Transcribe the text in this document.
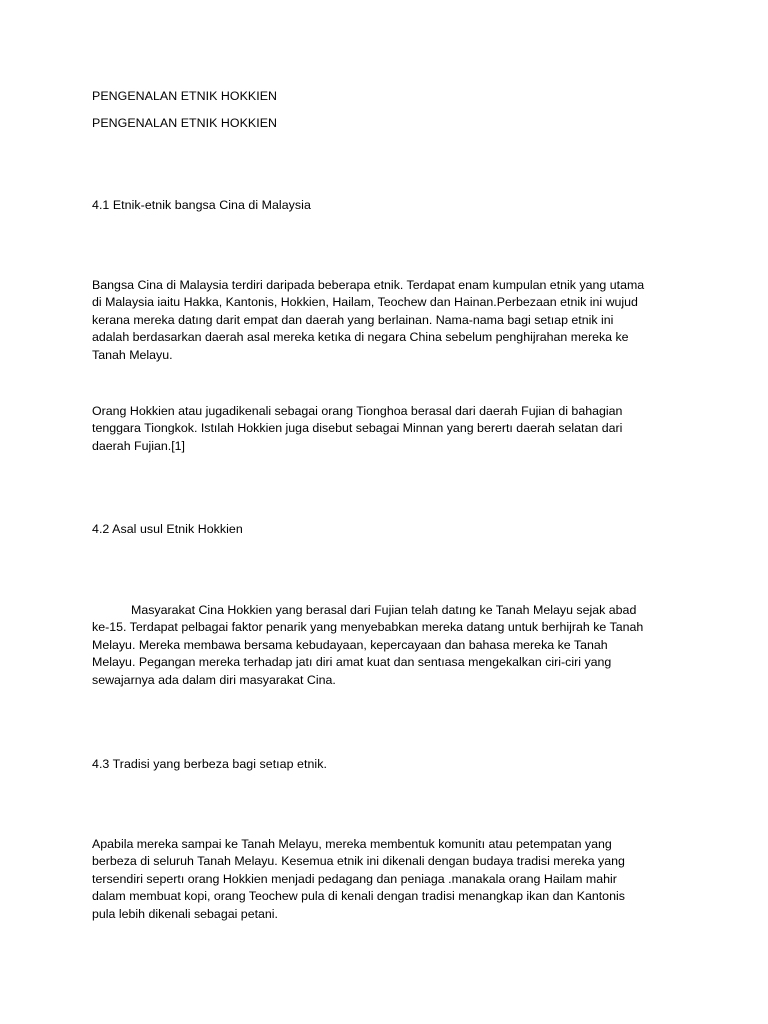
PENGENALAN ETNIK HOKKIEN
PENGENALAN ETNIK HOKKIEN
4.1 Etnik-etnik bangsa Cina di Malaysia
Bangsa Cina di Malaysia terdiri daripada beberapa etnik. Terdapat enam kumpulan etnik yang utama
di Malaysia iaitu Hakka, Kantonis, Hokkien, Hailam, Teochew dan Hainan.Perbezaan etnik ini wujud
kerana mereka datıng darit empat dan daerah yang berlainan. Nama-nama bagi setıap etnik ini
adalah berdasarkan daerah asal mereka ketıka di negara China sebelum penghijrahan mereka ke
Tanah Melayu.
Orang Hokkien atau jugadikenali sebagai orang Tionghoa berasal dari daerah Fujian di bahagian
tenggara Tiongkok. Istılah Hokkien juga disebut sebagai Minnan yang berertı daerah selatan dari
daerah Fujian.[1]
4.2 Asal usul Etnik Hokkien
Masyarakat Cina Hokkien yang berasal dari Fujian telah datıng ke Tanah Melayu sejak abad
ke-15. Terdapat pelbagai faktor penarik yang menyebabkan mereka datang untuk berhijrah ke Tanah
Melayu. Mereka membawa bersama kebudayaan, kepercayaan dan bahasa mereka ke Tanah
Melayu. Pegangan mereka terhadap jatı diri amat kuat dan sentıasa mengekalkan ciri-ciri yang
sewajarnya ada dalam diri masyarakat Cina.
4.3 Tradisi yang berbeza bagi setıap etnik.
Apabila mereka sampai ke Tanah Melayu, mereka membentuk komunitı atau petempatan yang
berbeza di seluruh Tanah Melayu. Kesemua etnik ini dikenali dengan budaya tradisi mereka yang
tersendiri sepertı orang Hokkien menjadi pedagang dan peniaga .manakala orang Hailam mahir
dalam membuat kopi, orang Teochew pula di kenali dengan tradisi menangkap ikan dan Kantonis
pula lebih dikenali sebagai petani.
